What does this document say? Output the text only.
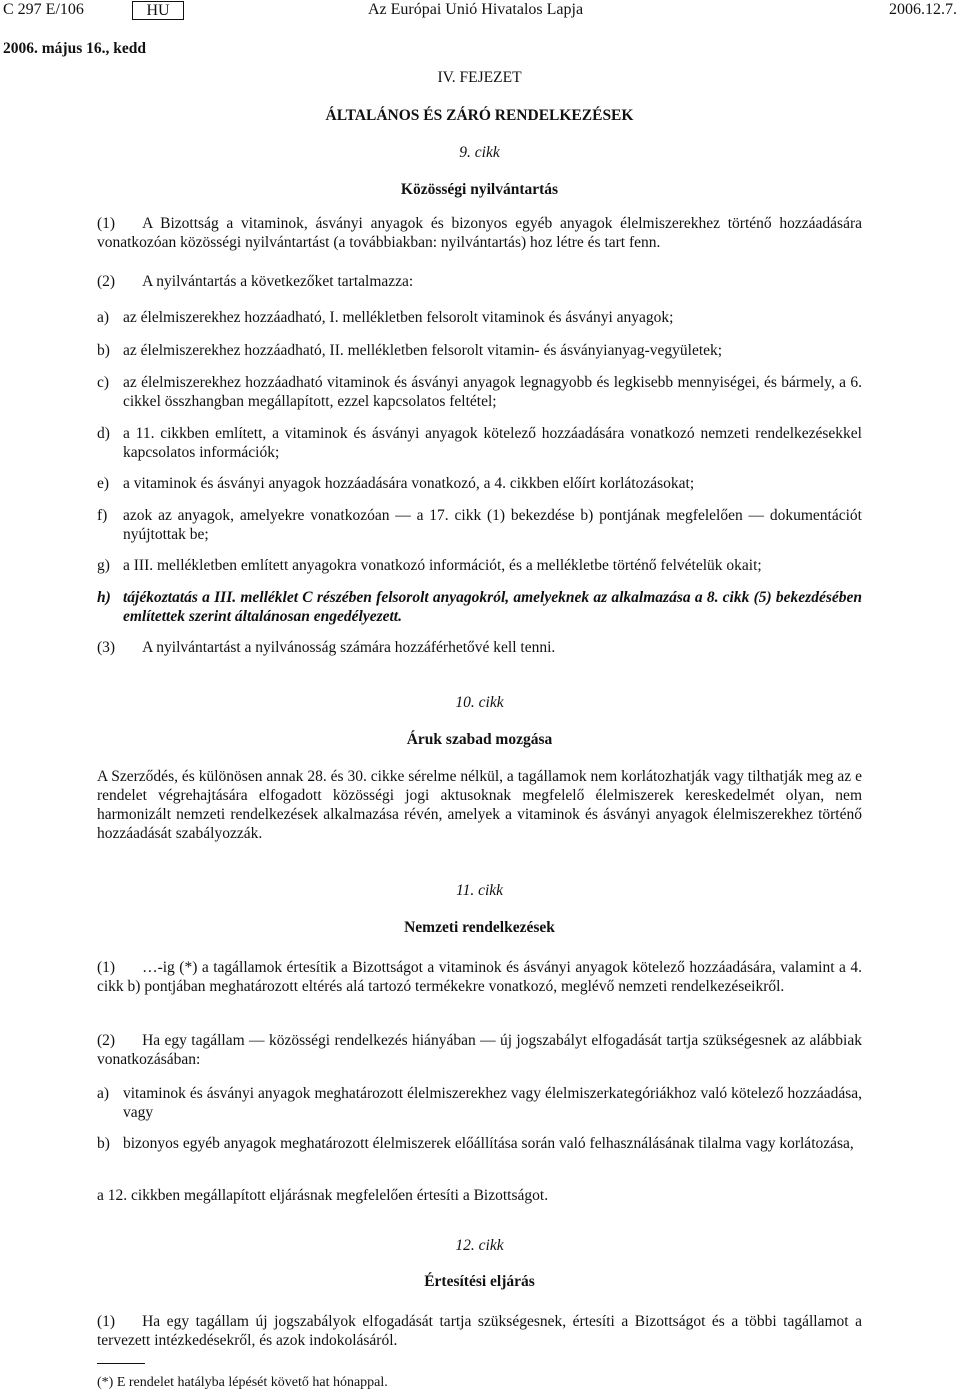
C 297 E/106	HU	Az Európai Unió Hivatalos Lapja	2006.12.7.
2006. május 16., kedd
IV. FEJEZET
ÁLTALÁNOS ÉS ZÁRÓ RENDELKEZÉSEK
9. cikk
Közösségi nyilvántartás
(1) A Bizottság a vitaminok, ásványi anyagok és bizonyos egyéb anyagok élelmiszerekhez történő hozzáadására vonatkozóan közösségi nyilvántartást (a továbbiakban: nyilvántartás) hoz létre és tart fenn.
(2) A nyilvántartás a következőket tartalmazza:
a) az élelmiszerekhez hozzáadható, I. mellékletben felsorolt vitaminok és ásványi anyagok;
b) az élelmiszerekhez hozzáadható, II. mellékletben felsorolt vitamin- és ásványianyag-vegyületek;
c) az élelmiszerekhez hozzáadható vitaminok és ásványi anyagok legnagyobb és legkisebb mennyiségei, és bármely, a 6. cikkel összhangban megállapított, ezzel kapcsolatos feltétel;
d) a 11. cikkben említett, a vitaminok és ásványi anyagok kötelező hozzáadására vonatkozó nemzeti rendelkezésekkel kapcsolatos információk;
e) a vitaminok és ásványi anyagok hozzáadására vonatkozó, a 4. cikkben előírt korlátozásokat;
f) azok az anyagok, amelyekre vonatkozóan — a 17. cikk (1) bekezdése b) pontjának megfelelően — dokumentációt nyújtottak be;
g) a III. mellékletben említett anyagokra vonatkozó információt, és a mellékletbe történő felvételük okait;
h) tájékoztatás a III. melléklet C részében felsorolt anyagokról, amelyeknek az alkalmazása a 8. cikk (5) bekezdésében említettek szerint általánosan engedélyezett.
(3) A nyilvántartást a nyilvánosság számára hozzáférhetővé kell tenni.
10. cikk
Áruk szabad mozgása
A Szerződés, és különösen annak 28. és 30. cikke sérelme nélkül, a tagállamok nem korlátozhatják vagy tilthatják meg az e rendelet végrehajtására elfogadott közösségi jogi aktusoknak megfelelő élelmiszerek kereskedelmét olyan, nem harmonizált nemzeti rendelkezések alkalmazása révén, amelyek a vitaminok és ásványi anyagok élelmiszerekhez történő hozzáadását szabályozzák.
11. cikk
Nemzeti rendelkezések
(1) …-ig (*) a tagállamok értesítik a Bizottságot a vitaminok és ásványi anyagok kötelező hozzáadására, valamint a 4. cikk b) pontjában meghatározott eltérés alá tartozó termékekre vonatkozó, meglévő nemzeti rendelkezéseikről.
(2) Ha egy tagállam — közösségi rendelkezés hiányában — új jogszabályt elfogadását tartja szükségesnek az alábbiak vonatkozásában:
a) vitaminok és ásványi anyagok meghatározott élelmiszerekhez vagy élelmiszerkategóriákhoz való kötelező hozzáadása, vagy
b) bizonyos egyéb anyagok meghatározott élelmiszerek előállítása során való felhasználásának tilalma vagy korlátozása,
a 12. cikkben megállapított eljárásnak megfelelően értesíti a Bizottságot.
12. cikk
Értesítési eljárás
(1) Ha egy tagállam új jogszabályok elfogadását tartja szükségesnek, értesíti a Bizottságot és a többi tagállamot a tervezett intézkedésekről, és azok indokolásáról.
(*) E rendelet hatályba lépését követő hat hónappal.
